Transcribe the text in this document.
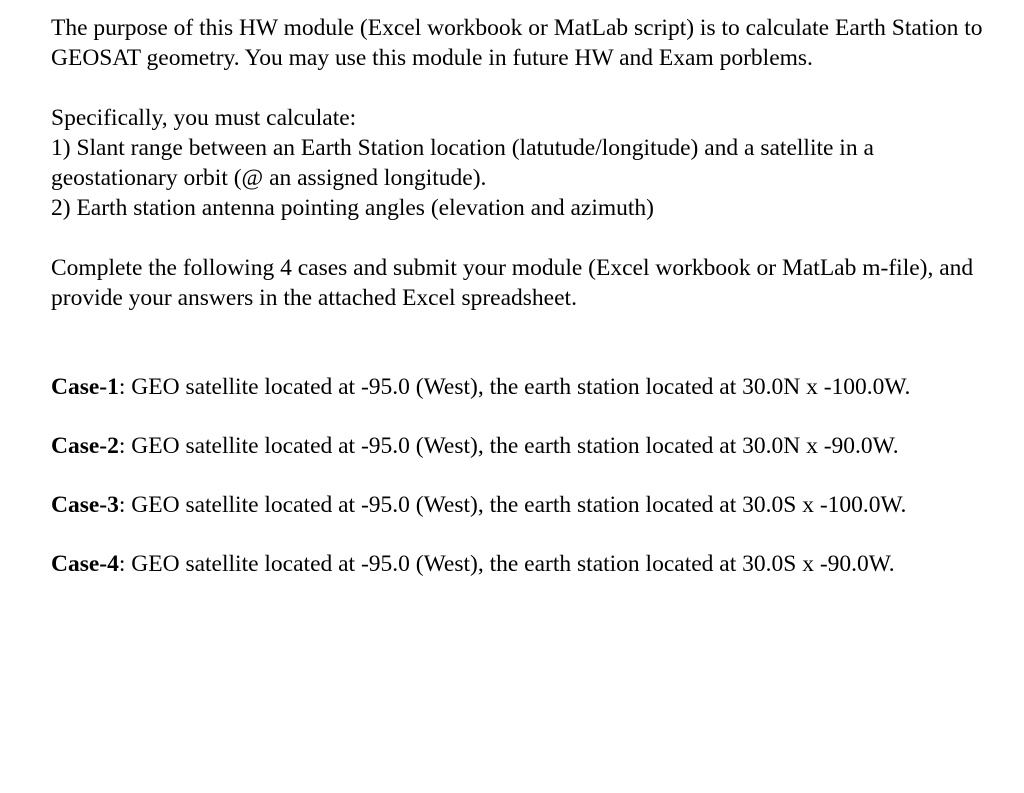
The purpose of this HW module (Excel workbook or MatLab script) is to calculate Earth Station to GEOSAT geometry. You may use this module in future HW and Exam porblems.

Specifically, you must calculate:
1) Slant range between an Earth Station location (latutude/longitude) and a satellite in a geostationary orbit (@ an assigned longitude).
2) Earth station antenna pointing angles (elevation and azimuth)

Complete the following 4 cases and submit your module (Excel workbook or MatLab m-file), and provide your answers in the attached Excel spreadsheet.

Case-1: GEO satellite located at -95.0 (West), the earth station located at 30.0N x -100.0W.

Case-2: GEO satellite located at -95.0 (West), the earth station located at 30.0N x -90.0W.

Case-3: GEO satellite located at -95.0 (West), the earth station located at 30.0S x -100.0W.

Case-4: GEO satellite located at -95.0 (West), the earth station located at 30.0S x -90.0W.
